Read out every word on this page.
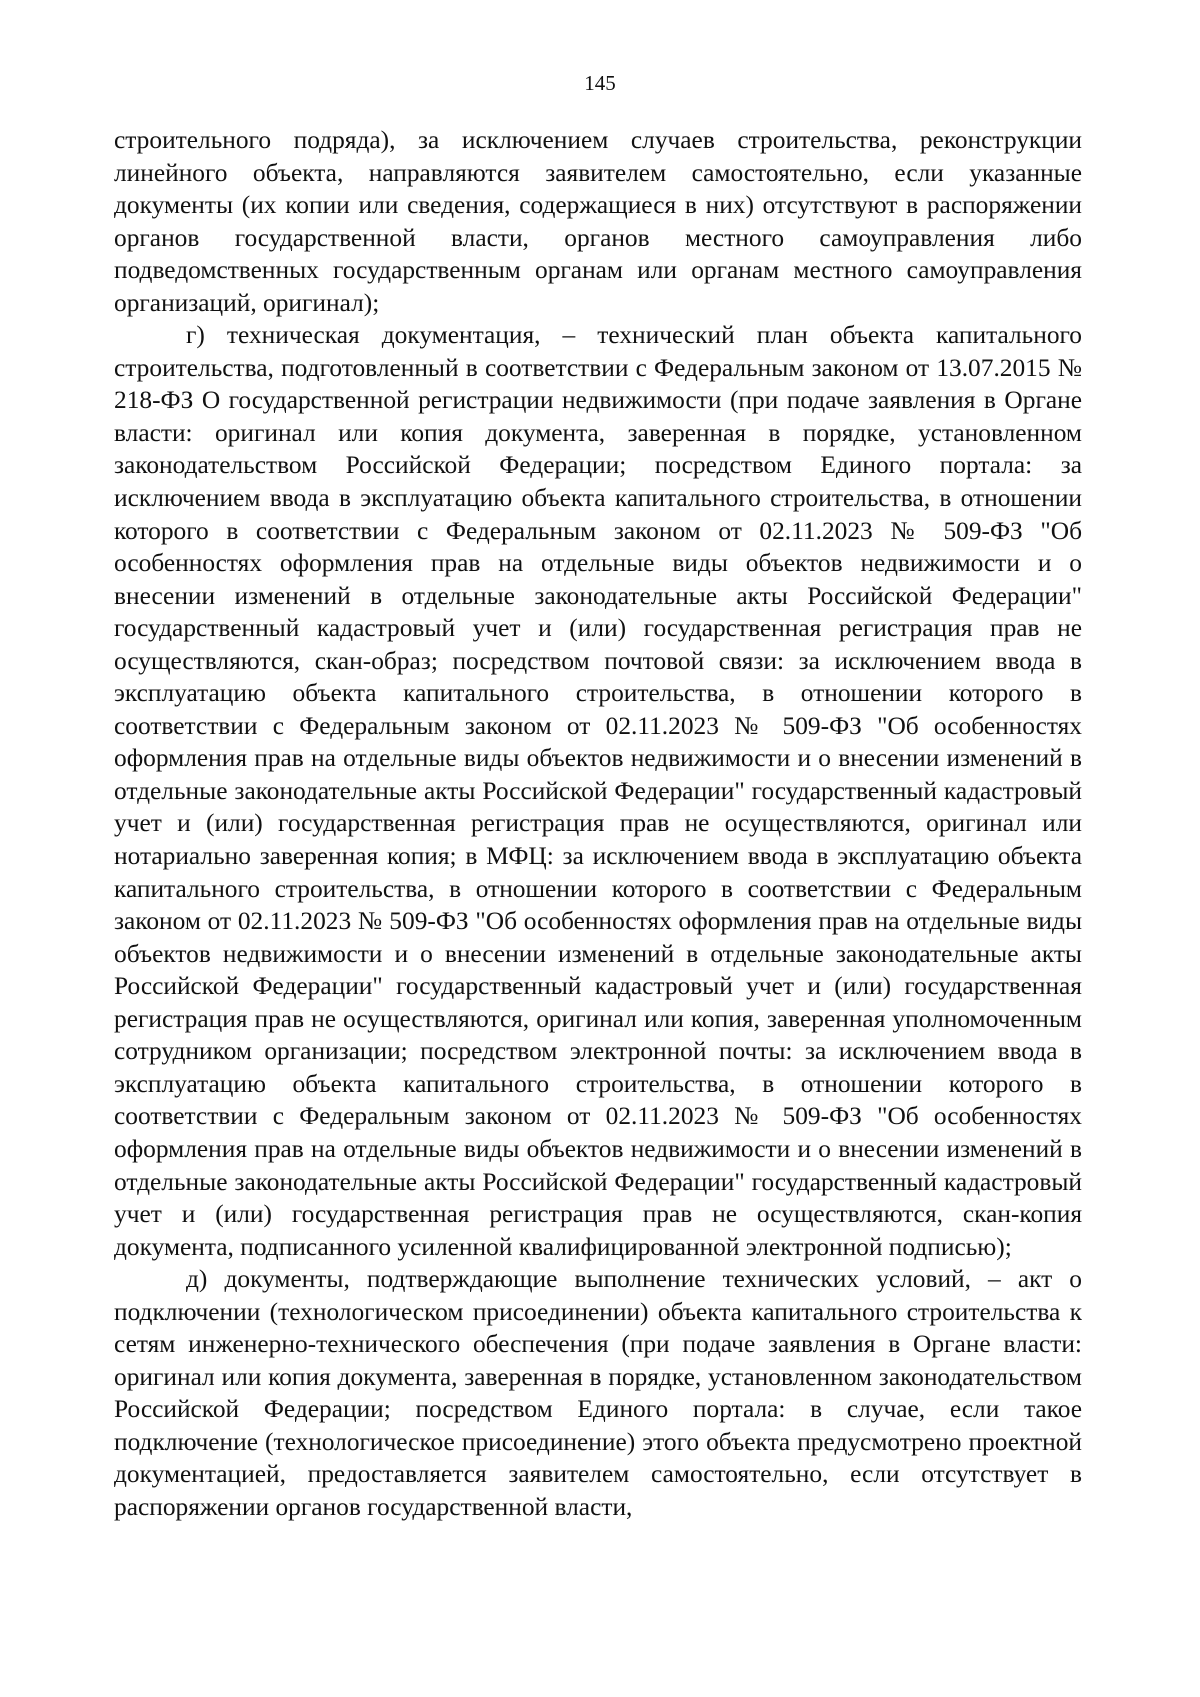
145

строительного подряда), за исключением случаев строительства, реконструкции линейного объекта, направляются заявителем самостоятельно, если указанные документы (их копии или сведения, содержащиеся в них) отсутствуют в распоряжении органов государственной власти, органов местного самоуправления либо подведомственных государственным органам или органам местного самоуправления организаций, оригинал);

г) техническая документация, – технический план объекта капитального строительства, подготовленный в соответствии с Федеральным законом от 13.07.2015 № 218-ФЗ О государственной регистрации недвижимости (при подаче заявления в Органе власти: оригинал или копия документа, заверенная в порядке, установленном законодательством Российской Федерации; посредством Единого портала: за исключением ввода в эксплуатацию объекта капитального строительства, в отношении которого в соответствии с Федеральным законом от 02.11.2023 № 509-ФЗ "Об особенностях оформления прав на отдельные виды объектов недвижимости и о внесении изменений в отдельные законодательные акты Российской Федерации" государственный кадастровый учет и (или) государственная регистрация прав не осуществляются, скан-образ; посредством почтовой связи: за исключением ввода в эксплуатацию объекта капитального строительства, в отношении которого в соответствии с Федеральным законом от 02.11.2023 № 509-ФЗ "Об особенностях оформления прав на отдельные виды объектов недвижимости и о внесении изменений в отдельные законодательные акты Российской Федерации" государственный кадастровый учет и (или) государственная регистрация прав не осуществляются, оригинал или нотариально заверенная копия; в МФЦ: за исключением ввода в эксплуатацию объекта капитального строительства, в отношении которого в соответствии с Федеральным законом от 02.11.2023 № 509-ФЗ "Об особенностях оформления прав на отдельные виды объектов недвижимости и о внесении изменений в отдельные законодательные акты Российской Федерации" государственный кадастровый учет и (или) государственная регистрация прав не осуществляются, оригинал или копия, заверенная уполномоченным сотрудником организации; посредством электронной почты: за исключением ввода в эксплуатацию объекта капитального строительства, в отношении которого в соответствии с Федеральным законом от 02.11.2023 № 509-ФЗ "Об особенностях оформления прав на отдельные виды объектов недвижимости и о внесении изменений в отдельные законодательные акты Российской Федерации" государственный кадастровый учет и (или) государственная регистрация прав не осуществляются, скан-копия документа, подписанного усиленной квалифицированной электронной подписью);

д) документы, подтверждающие выполнение технических условий, – акт о подключении (технологическом присоединении) объекта капитального строительства к сетям инженерно-технического обеспечения (при подаче заявления в Органе власти: оригинал или копия документа, заверенная в порядке, установленном законодательством Российской Федерации; посредством Единого портала: в случае, если такое подключение (технологическое присоединение) этого объекта предусмотрено проектной документацией, предоставляется заявителем самостоятельно, если отсутствует в распоряжении органов государственной власти,
